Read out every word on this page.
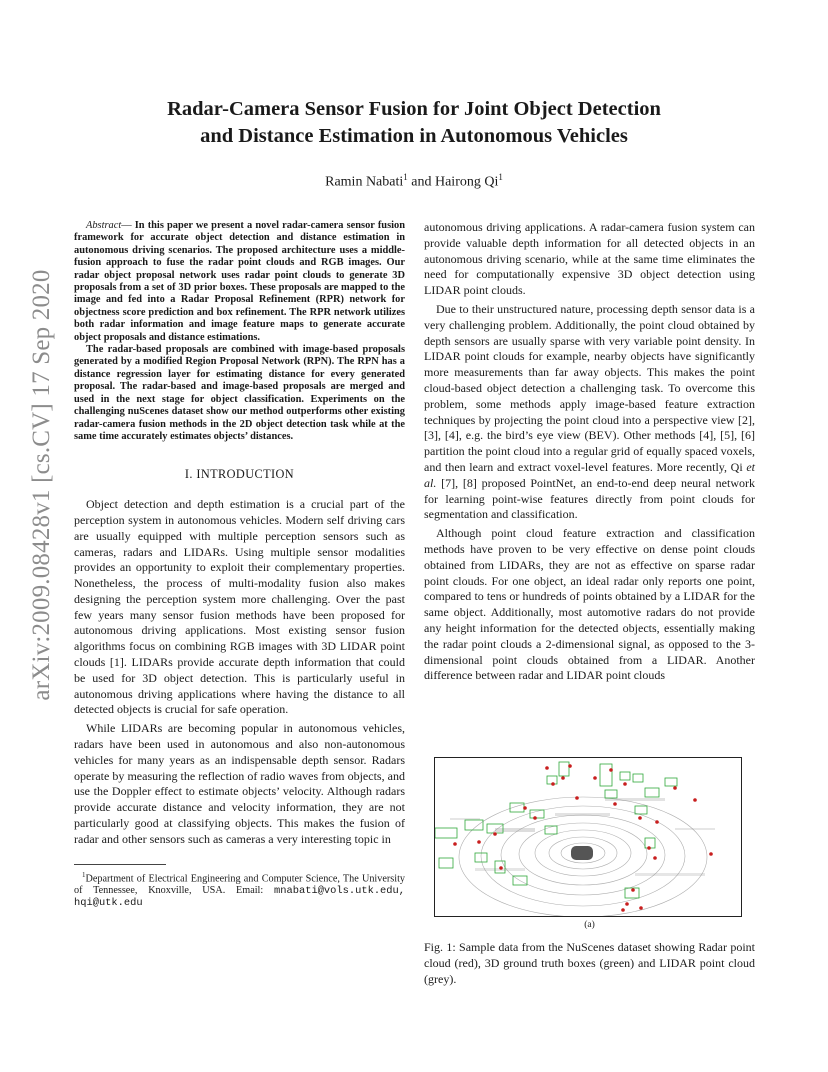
arXiv:2009.08428v1 [cs.CV] 17 Sep 2020
Radar-Camera Sensor Fusion for Joint Object Detection
and Distance Estimation in Autonomous Vehicles
Ramin Nabati$^1$ and Hairong Qi$^1$

Abstract— In this paper we present a novel radar-camera sensor fusion framework for accurate object detection and distance estimation in autonomous driving scenarios. The proposed architecture uses a middle-fusion approach to fuse the radar point clouds and RGB images. Our radar object proposal network uses radar point clouds to generate 3D proposals from a set of 3D prior boxes. These proposals are mapped to the image and fed into a Radar Proposal Refinement (RPR) network for objectness score prediction and box refinement. The RPR network utilizes both radar information and image feature maps to generate accurate object proposals and distance estimations.

The radar-based proposals are combined with image-based proposals generated by a modified Region Proposal Network (RPN). The RPN has a distance regression layer for estimating distance for every generated proposal. The radar-based and image-based proposals are merged and used in the next stage for object classification. Experiments on the challenging nuScenes dataset show our method outperforms other existing radar-camera fusion methods in the 2D object detection task while at the same time accurately estimates objects’ distances.

I. INTRODUCTION

Object detection and depth estimation is a crucial part of the perception system in autonomous vehicles. Modern self driving cars are usually equipped with multiple perception sensors such as cameras, radars and LIDARs. Using multiple sensor modalities provides an opportunity to exploit their complementary properties. Nonetheless, the process of multi-modality fusion also makes designing the perception system more challenging. Over the past few years many sensor fusion methods have been proposed for autonomous driving applications. Most existing sensor fusion algorithms focus on combining RGB images with 3D LIDAR point clouds [1]. LIDARs provide accurate depth information that could be used for 3D object detection. This is particularly useful in autonomous driving applications where having the distance to all detected objects is crucial for safe operation.

While LIDARs are becoming popular in autonomous vehicles, radars have been used in autonomous and also non-autonomous vehicles for many years as an indispensable depth sensor. Radars operate by measuring the reflection of radio waves from objects, and use the Doppler effect to estimate objects’ velocity. Although radars provide accurate distance and velocity information, they are not particularly good at classifying objects. This makes the fusion of radar and other sensors such as cameras a very interesting topic in

$^1$Department of Electrical Engineering and Computer Science, The University of Tennessee, Knoxville, USA. Email: mnabati@vols.utk.edu, hqi@utk.edu

autonomous driving applications. A radar-camera fusion system can provide valuable depth information for all detected objects in an autonomous driving scenario, while at the same time eliminates the need for computationally expensive 3D object detection using LIDAR point clouds.

Due to their unstructured nature, processing depth sensor data is a very challenging problem. Additionally, the point cloud obtained by depth sensors are usually sparse with very variable point density. In LIDAR point clouds for example, nearby objects have significantly more measurements than far away objects. This makes the point cloud-based object detection a challenging task. To overcome this problem, some methods apply image-based feature extraction techniques by projecting the point cloud into a perspective view [2], [3], [4], e.g. the bird’s eye view (BEV). Other methods [4], [5], [6] partition the point cloud into a regular grid of equally spaced voxels, and then learn and extract voxel-level features. More recently, Qi et al. [7], [8] proposed PointNet, an end-to-end deep neural network for learning point-wise features directly from point clouds for segmentation and classification.

Although point cloud feature extraction and classification methods have proven to be very effective on dense point clouds obtained from LIDARs, they are not as effective on sparse radar point clouds. For one object, an ideal radar only reports one point, compared to tens or hundreds of points obtained by a LIDAR for the same object. Additionally, most automotive radars do not provide any height information for the detected objects, essentially making the radar point clouds a 2-dimensional signal, as opposed to the 3-dimensional point clouds obtained from a LIDAR. Another difference between radar and LIDAR point clouds

(a)
Fig. 1: Sample data from the NuScenes dataset showing Radar point cloud (red), 3D ground truth boxes (green) and LIDAR point cloud (grey).
